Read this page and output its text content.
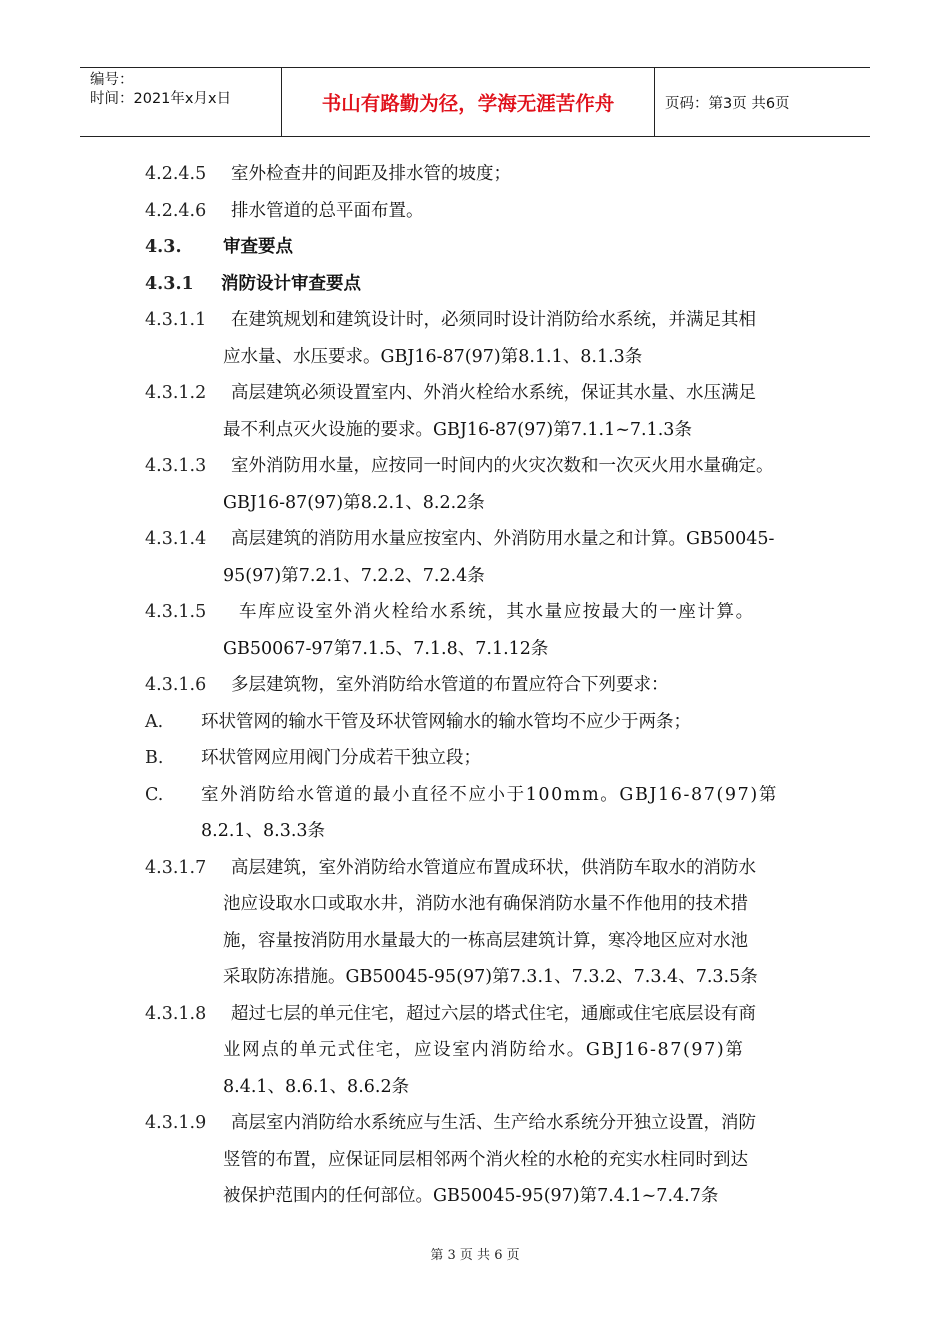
编号：
时间：2021年x月x日	书山有路勤为径，学海无涯苦作舟	页码：第3页 共6页
4.2.4.5	室外检查井的间距及排水管的坡度；
4.2.4.6	排水管道的总平面布置。
4.3.	审查要点
4.3.1	消防设计审查要点
4.3.1.1	在建筑规划和建筑设计时，必须同时设计消防给水系统，并满足其相
应水量、水压要求。GBJ16-87(97)第8.1.1、8.1.3条
4.3.1.2	高层建筑必须设置室内、外消火栓给水系统，保证其水量、水压满足
最不利点灭火设施的要求。GBJ16-87(97)第7.1.1~7.1.3条
4.3.1.3	室外消防用水量，应按同一时间内的火灾次数和一次灭火用水量确定。
GBJ16-87(97)第8.2.1、8.2.2条
4.3.1.4	高层建筑的消防用水量应按室内、外消防用水量之和计算。GB50045-
95(97)第7.2.1、7.2.2、7.2.4条
4.3.1.5	车库应设室外消火栓给水系统，其水量应按最大的一座计算。
GB50067-97第7.1.5、7.1.8、7.1.12条
4.3.1.6	多层建筑物，室外消防给水管道的布置应符合下列要求：
A.	环状管网的输水干管及环状管网输水的输水管均不应少于两条；
B.	环状管网应用阀门分成若干独立段；
C.	室外消防给水管道的最小直径不应小于100mm。GBJ16-87(97)第
8.2.1、8.3.3条
4.3.1.7	高层建筑，室外消防给水管道应布置成环状，供消防车取水的消防水
池应设取水口或取水井，消防水池有确保消防水量不作他用的技术措
施，容量按消防用水量最大的一栋高层建筑计算，寒冷地区应对水池
采取防冻措施。GB50045-95(97)第7.3.1、7.3.2、7.3.4、7.3.5条
4.3.1.8	超过七层的单元住宅，超过六层的塔式住宅，通廊或住宅底层设有商
业网点的单元式住宅，应设室内消防给水。GBJ16-87(97)第
8.4.1、8.6.1、8.6.2条
4.3.1.9	高层室内消防给水系统应与生活、生产给水系统分开独立设置，消防
竖管的布置，应保证同层相邻两个消火栓的水枪的充实水柱同时到达
被保护范围内的任何部位。GB50045-95(97)第7.4.1~7.4.7条
第 3 页 共 6 页
